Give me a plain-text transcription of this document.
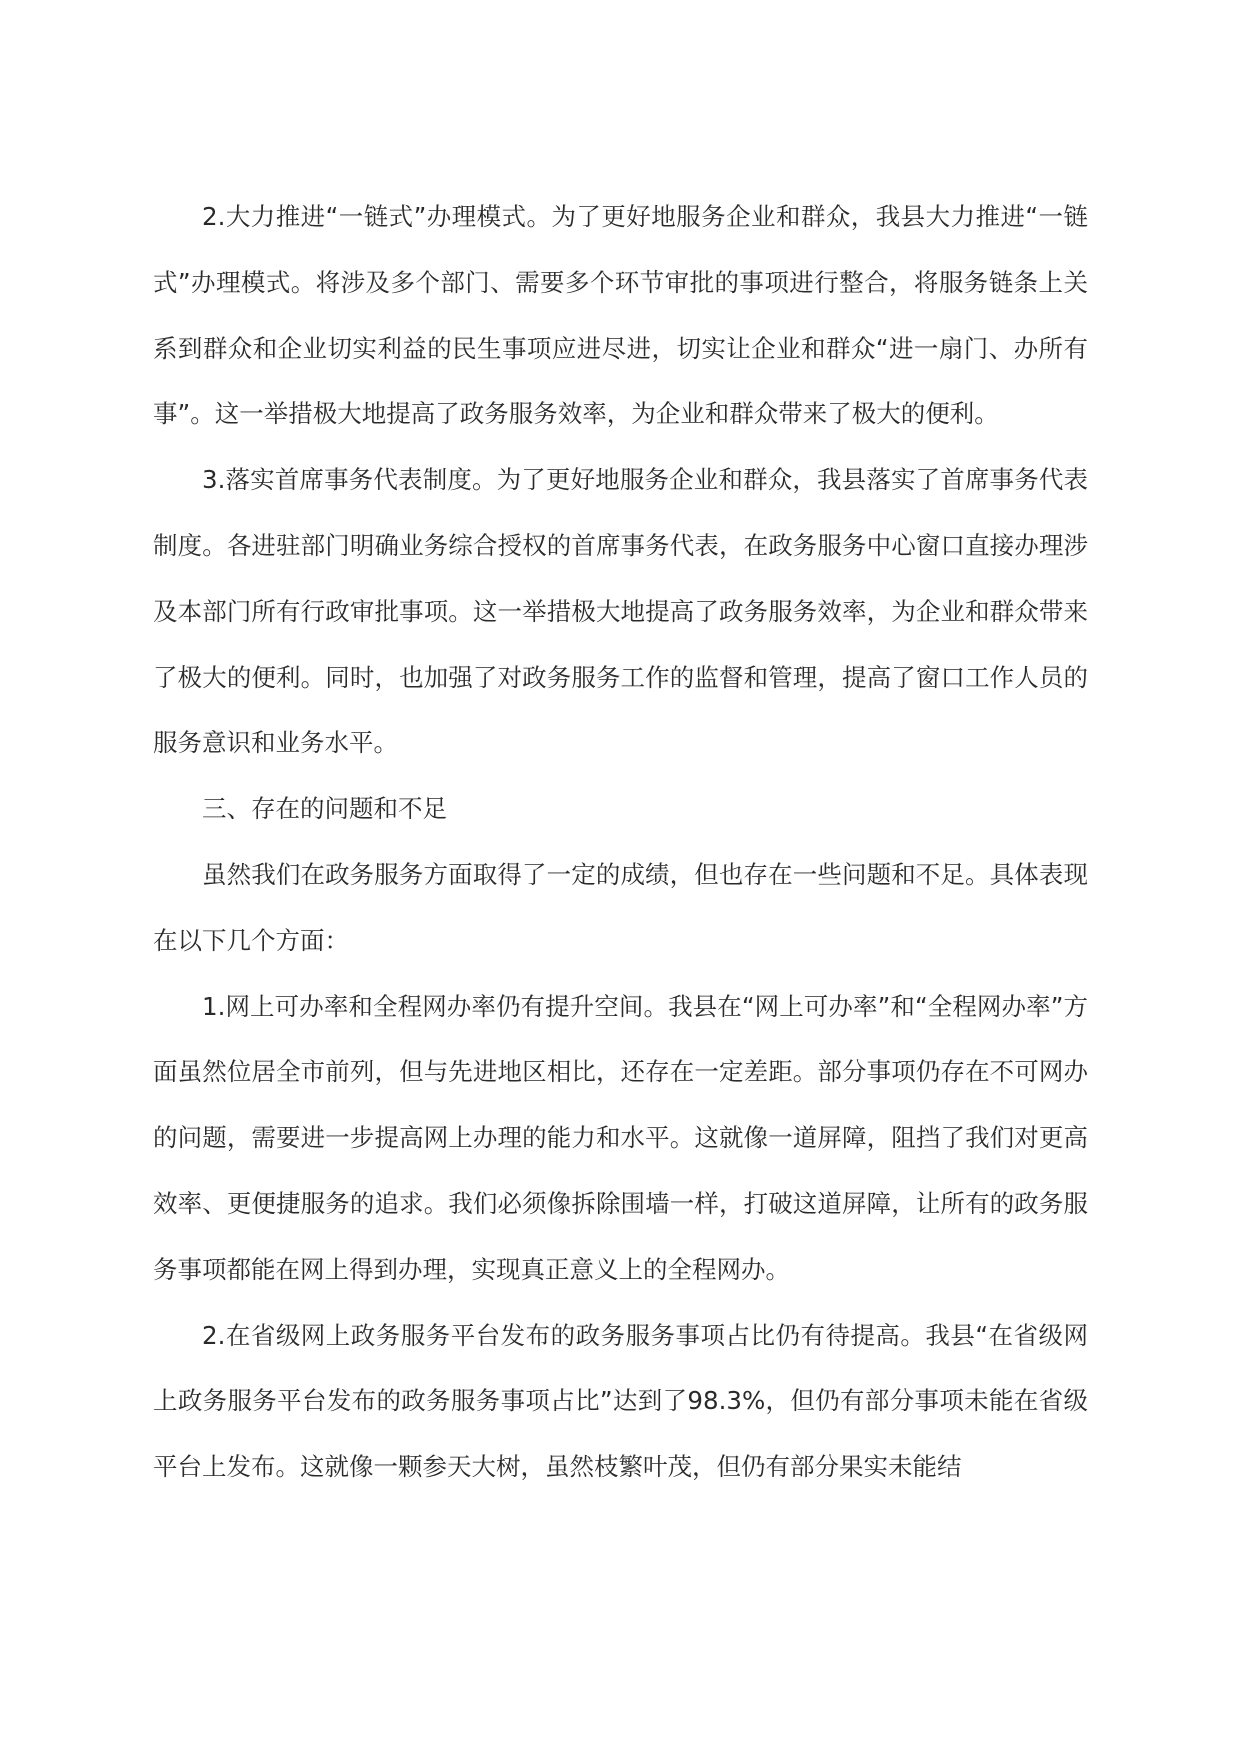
2.大力推进“一链式”办理模式。为了更好地服务企业和群众，我县大力推进“一链式”办理模式。将涉及多个部门、需要多个环节审批的事项进行整合，将服务链条上关系到群众和企业切实利益的民生事项应进尽进，切实让企业和群众“进一扇门、办所有事”。这一举措极大地提高了政务服务效率，为企业和群众带来了极大的便利。

3.落实首席事务代表制度。为了更好地服务企业和群众，我县落实了首席事务代表制度。各进驻部门明确业务综合授权的首席事务代表，在政务服务中心窗口直接办理涉及本部门所有行政审批事项。这一举措极大地提高了政务服务效率，为企业和群众带来了极大的便利。同时，也加强了对政务服务工作的监督和管理，提高了窗口工作人员的服务意识和业务水平。

三、存在的问题和不足

虽然我们在政务服务方面取得了一定的成绩，但也存在一些问题和不足。具体表现在以下几个方面：

1.网上可办率和全程网办率仍有提升空间。我县在“网上可办率”和“全程网办率”方面虽然位居全市前列，但与先进地区相比，还存在一定差距。部分事项仍存在不可网办的问题，需要进一步提高网上办理的能力和水平。这就像一道屏障，阻挡了我们对更高效率、更便捷服务的追求。我们必须像拆除围墙一样，打破这道屏障，让所有的政务服务事项都能在网上得到办理，实现真正意义上的全程网办。

2.在省级网上政务服务平台发布的政务服务事项占比仍有待提高。我县“在省级网上政务服务平台发布的政务服务事项占比”达到了98.3%，但仍有部分事项未能在省级平台上发布。这就像一颗参天大树，虽然枝繁叶茂，但仍有部分果实未能结
